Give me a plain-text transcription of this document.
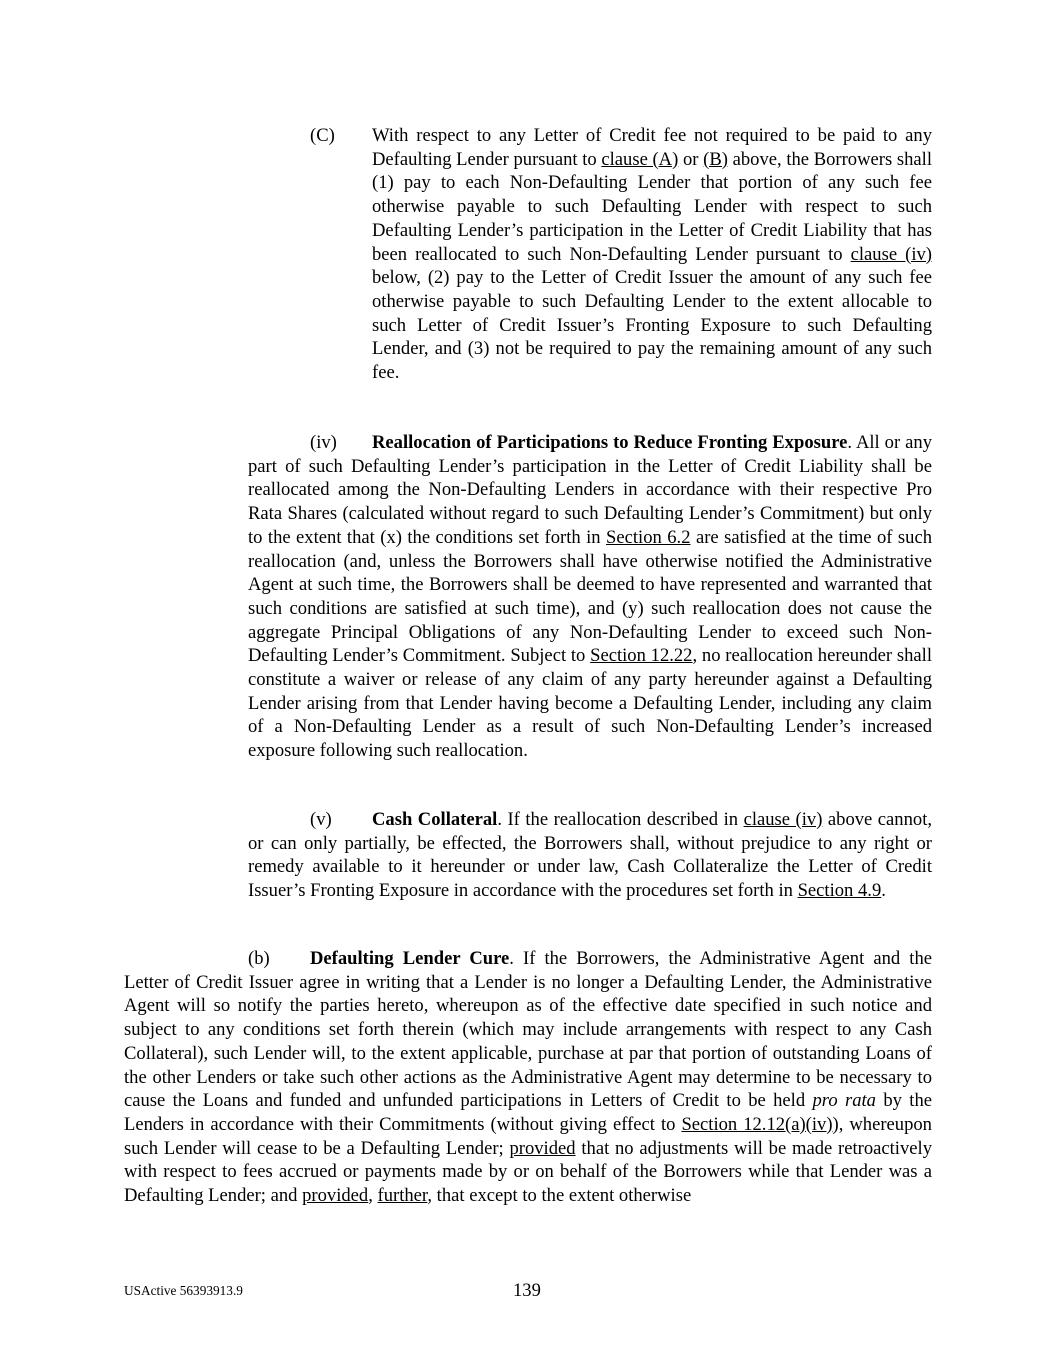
(C) With respect to any Letter of Credit fee not required to be paid to any Defaulting Lender pursuant to clause (A) or (B) above, the Borrowers shall (1) pay to each Non-Defaulting Lender that portion of any such fee otherwise payable to such Defaulting Lender with respect to such Defaulting Lender’s participation in the Letter of Credit Liability that has been reallocated to such Non-Defaulting Lender pursuant to clause (iv) below, (2) pay to the Letter of Credit Issuer the amount of any such fee otherwise payable to such Defaulting Lender to the extent allocable to such Letter of Credit Issuer’s Fronting Exposure to such Defaulting Lender, and (3) not be required to pay the remaining amount of any such fee.

(iv) Reallocation of Participations to Reduce Fronting Exposure. All or any part of such Defaulting Lender’s participation in the Letter of Credit Liability shall be reallocated among the Non-Defaulting Lenders in accordance with their respective Pro Rata Shares (calculated without regard to such Defaulting Lender’s Commitment) but only to the extent that (x) the conditions set forth in Section 6.2 are satisfied at the time of such reallocation (and, unless the Borrowers shall have otherwise notified the Administrative Agent at such time, the Borrowers shall be deemed to have represented and warranted that such conditions are satisfied at such time), and (y) such reallocation does not cause the aggregate Principal Obligations of any Non-Defaulting Lender to exceed such Non-Defaulting Lender’s Commitment. Subject to Section 12.22, no reallocation hereunder shall constitute a waiver or release of any claim of any party hereunder against a Defaulting Lender arising from that Lender having become a Defaulting Lender, including any claim of a Non-Defaulting Lender as a result of such Non-Defaulting Lender’s increased exposure following such reallocation.

(v) Cash Collateral. If the reallocation described in clause (iv) above cannot, or can only partially, be effected, the Borrowers shall, without prejudice to any right or remedy available to it hereunder or under law, Cash Collateralize the Letter of Credit Issuer’s Fronting Exposure in accordance with the procedures set forth in Section 4.9.

(b) Defaulting Lender Cure. If the Borrowers, the Administrative Agent and the Letter of Credit Issuer agree in writing that a Lender is no longer a Defaulting Lender, the Administrative Agent will so notify the parties hereto, whereupon as of the effective date specified in such notice and subject to any conditions set forth therein (which may include arrangements with respect to any Cash Collateral), such Lender will, to the extent applicable, purchase at par that portion of outstanding Loans of the other Lenders or take such other actions as the Administrative Agent may determine to be necessary to cause the Loans and funded and unfunded participations in Letters of Credit to be held pro rata by the Lenders in accordance with their Commitments (without giving effect to Section 12.12(a)(iv)), whereupon such Lender will cease to be a Defaulting Lender; provided that no adjustments will be made retroactively with respect to fees accrued or payments made by or on behalf of the Borrowers while that Lender was a Defaulting Lender; and provided, further, that except to the extent otherwise

USActive 56393913.9	139
